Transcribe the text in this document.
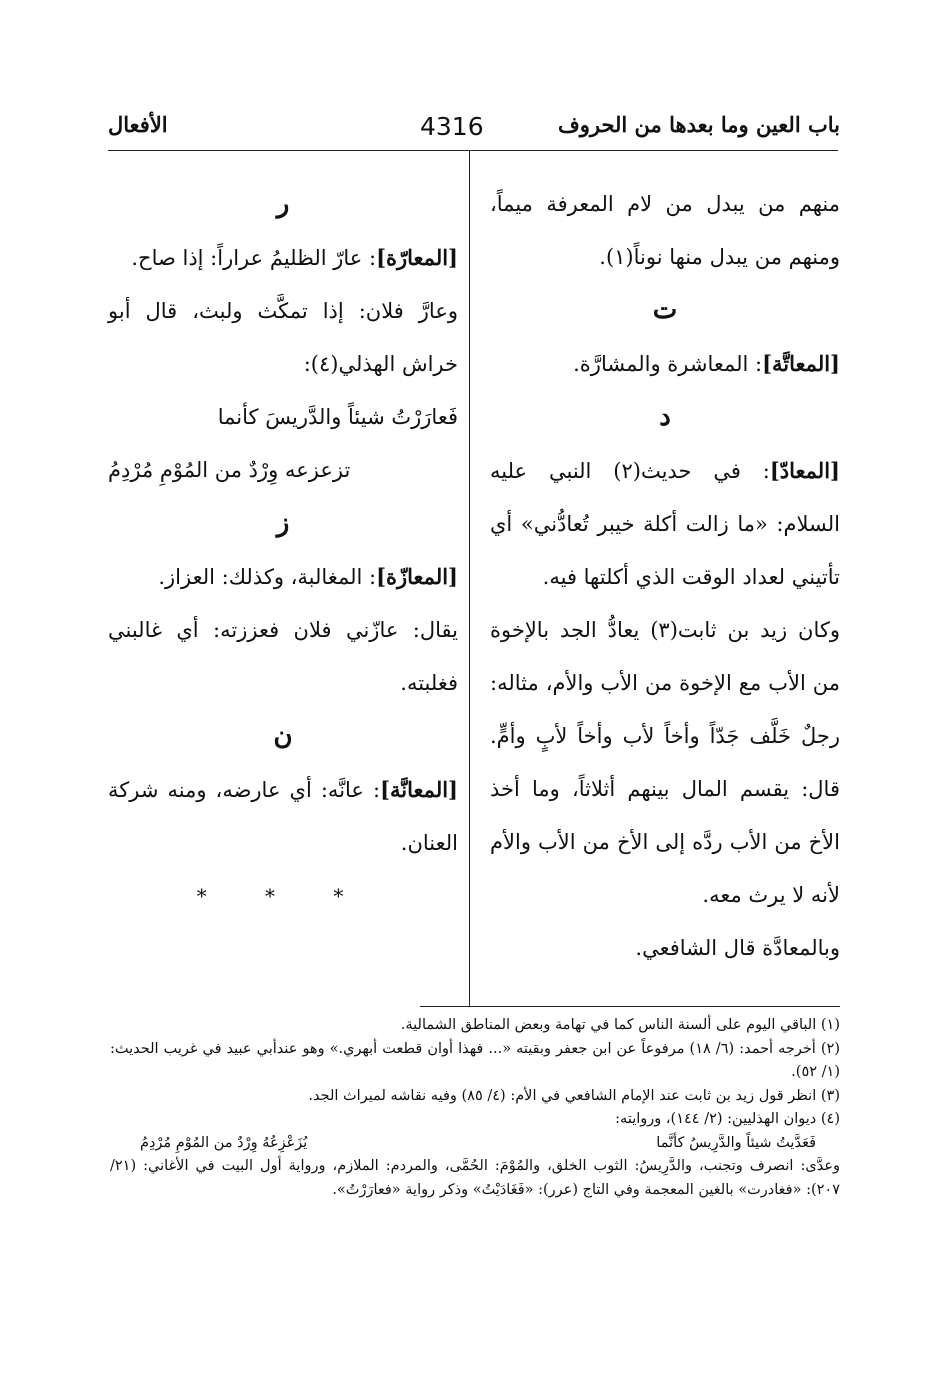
باب العين وما بعدها من الحروف
4316
الأفعال

منهم من يبدل من لام المعرفة ميماً، ومنهم من يبدل منها نوناً(١).

ت

[المعاتَّة]: المعاشرة والمشارَّة.

د

[المعادّ]: في حديث(٢) النبي عليه السلام: «ما زالت أكلة خيبر تُعادُّني» أي تأتيني لعداد الوقت الذي أكلتها فيه.

وكان زيد بن ثابت(٣) يعادُّ الجد بالإخوة من الأب مع الإخوة من الأب والأم، مثاله: رجلٌ خَلَّف جَدّاً وأخاً لأب وأخاً لأبٍ وأمٍّ. قال: يقسم المال بينهم أثلاثاً، وما أخذ الأخ من الأب ردَّه إلى الأخ من الأب والأم لأنه لا يرث معه.

وبالمعادَّة قال الشافعي.

ر

[المعارّة]: عارّ الظليمُ عراراً: إذا صاح.

وعارَّ فلان: إذا تمكَّث ولبث، قال أبو خراش الهذلي(٤):

فَعارَرْتُ شيئاً والدَّريسَ كأنما

تزعزعه وِرْدٌ من المُوْمِ مُرْدِمُ

ز

[المعازّة]: المغالبة، وكذلك: العزاز.

يقال: عازّني فلان فعززته: أي غالبني فغلبته.

ن

[المعانَّة]: عانَّه: أي عارضه، ومنه شركة العنان.

* * *

(١) الباقي اليوم على ألسنة الناس كما في تهامة وبعض المناطق الشمالية.

(٢) أخرجه أحمد: (٦/ ١٨) مرفوعاً عن ابن جعفر وبقيته «... فهذا أوان قطعت أبهري.» وهو عندأبي عبيد في غريب الحديث: (١/ ٥٢).

(٣) انظر قول زيد بن ثابت عند الإمام الشافعي في الأم: (٤/ ٨٥) وفيه نقاشه لميراث الجد.

(٤) ديوان الهذليين: (٢/ ١٤٤)، وروايته:

فَعَدَّيتُ شيئاً والدَّرِيسُ كأنَّما
يُزَعْزِعُهُ وِرْدٌ من المُوْمِ مُرْدِمُ

وعدَّى: انصرف وتجنب، والدَّرِيسُ: الثوب الخلق، والمُوْمَ: الحُمَّى، والمردم: الملازم، ورواية أول البيت في الأغاني: (٢١/ ٢٠٧): «فغادرت» بالغين المعجمة وفي التاج (عرر): «فَغَادَيْتُ» وذكر رواية «فعارَرْتُ».
